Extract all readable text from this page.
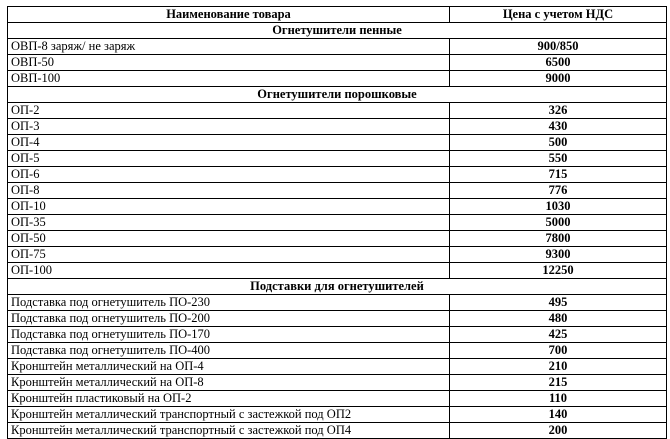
Наименование товара	Цена с учетом НДС
Огнетушители пенные	
ОВП-8 заряж/ не заряж	900/850
ОВП-50	6500
ОВП-100	9000
Огнетушители порошковые	
ОП-2	326
ОП-3	430
ОП-4	500
ОП-5	550
ОП-6	715
ОП-8	776
ОП-10	1030
ОП-35	5000
ОП-50	7800
ОП-75	9300
ОП-100	12250
Подставки для огнетушителей	
Подставка под огнетушитель ПО-230	495
Подставка под огнетушитель ПО-200	480
Подставка под огнетушитель ПО-170	425
Подставка под огнетушитель ПО-400	700
Кронштейн металлический на ОП-4	210
Кронштейн металлический на ОП-8	215
Кронштейн пластиковый на ОП-2	110
Кронштейн металлический транспортный с застежкой под ОП2	140
Кронштейн металлический транспортный с застежкой под ОП4	200
